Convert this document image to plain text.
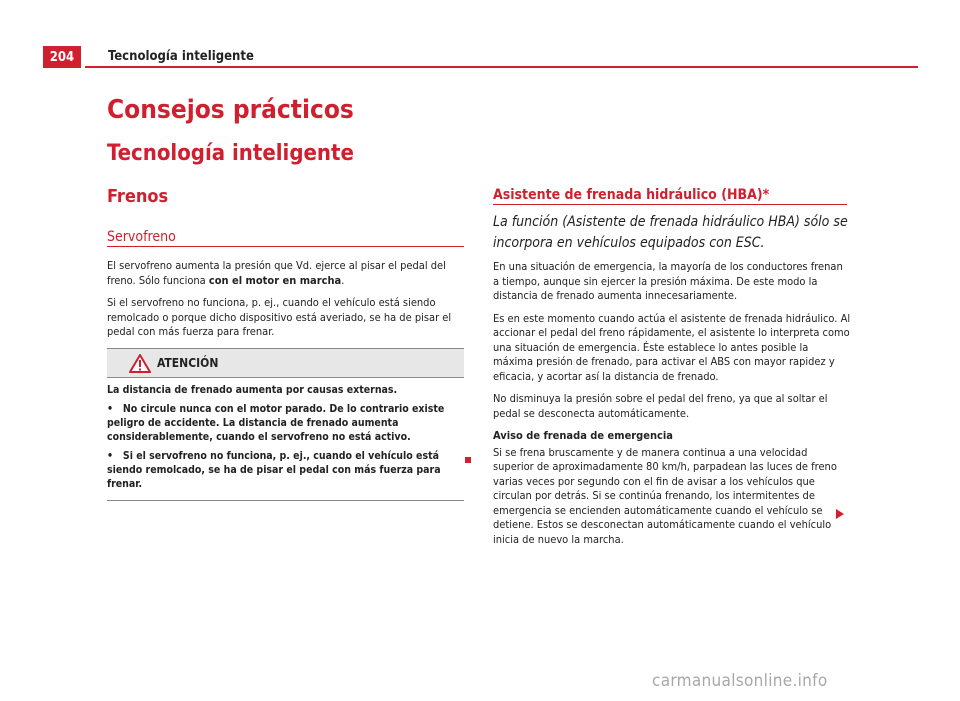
204	Tecnología inteligente
Consejos prácticos
Tecnología inteligente
Frenos
Servofreno

El servofreno aumenta la presión que Vd. ejerce al pisar el pedal del freno. Sólo funciona con el motor en marcha.

Si el servofreno no funciona, p. ej., cuando el vehículo está siendo remolcado o porque dicho dispositivo está averiado, se ha de pisar el pedal con más fuerza para frenar.

ATENCIÓN

La distancia de frenado aumenta por causas externas.

•   No circule nunca con el motor parado. De lo contrario existe peligro de accidente. La distancia de frenado aumenta considerablemente, cuando el servofreno no está activo.

•   Si el servofreno no funciona, p. ej., cuando el vehículo está siendo remolcado, se ha de pisar el pedal con más fuerza para frenar.

Asistente de frenada hidráulico (HBA)*
La función (Asistente de frenada hidráulico HBA) sólo se incorpora en vehículos equipados con ESC.

En una situación de emergencia, la mayoría de los conductores frenan a tiempo, aunque sin ejercer la presión máxima. De este modo la distancia de frenado aumenta innecesariamente.

Es en este momento cuando actúa el asistente de frenada hidráulico. Al accionar el pedal del freno rápidamente, el asistente lo interpreta como una situación de emergencia. Éste establece lo antes posible la máxima presión de frenado, para activar el ABS con mayor rapidez y eficacia, y acortar así la distancia de frenado.

No disminuya la presión sobre el pedal del freno, ya que al soltar el pedal se desconecta automáticamente.

Aviso de frenada de emergencia

Si se frena bruscamente y de manera continua a una velocidad superior de aproximadamente 80 km/h, parpadean las luces de freno varias veces por segundo con el fin de avisar a los vehículos que circulan por detrás. Si se continúa frenando, los intermitentes de emergencia se encienden automáticamente cuando el vehículo se detiene. Estos se desconectan automáticamente cuando el vehículo inicia de nuevo la marcha.

carmanualsonline.info
